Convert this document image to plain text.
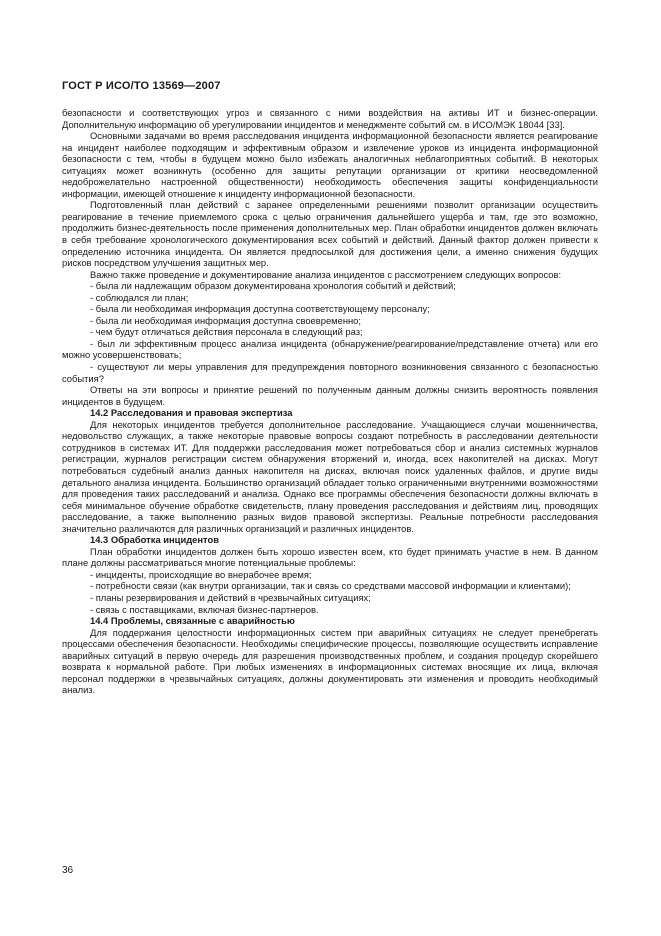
ГОСТ Р ИСО/ТО 13569—2007

безопасности и соответствующих угроз и связанного с ними воздействия на активы ИТ и бизнес-операции. Дополнительную информацию об урегулировании инцидентов и менеджменте событий см. в ИСО/МЭК 18044 [33].

Основными задачами во время расследования инцидента информационной безопасности является реагирование на инцидент наиболее подходящим и эффективным образом и извлечение уроков из инцидента информационной безопасности с тем, чтобы в будущем можно было избежать аналогичных неблагоприятных событий. В некоторых ситуациях может возникнуть (особенно для защиты репутации организации от критики неосведомленной недоброжелательно настроенной общественности) необходимость обеспечения защиты конфиденциальности информации, имеющей отношение к инциденту информационной безопасности.

Подготовленный план действий с заранее определенными решениями позволит организации осуществить реагирование в течение приемлемого срока с целью ограничения дальнейшего ущерба и там, где это возможно, продолжить бизнес-деятельность после применения дополнительных мер. План обработки инцидентов должен включать в себя требование хронологического документирования всех событий и действий. Данный фактор должен привести к определению источника инцидента. Он является предпосылкой для достижения цели, а именно снижения будущих рисков посредством улучшения защитных мер.

Важно также проведение и документирование анализа инцидентов с рассмотрением следующих вопросов:

- была ли надлежащим образом документирована хронология событий и действий;

- соблюдался ли план;

- была ли необходимая информация доступна соответствующему персоналу;

- была ли необходимая информация доступна своевременно;

- чем будут отличаться действия персонала в следующий раз;

- был ли эффективным процесс анализа инцидента (обнаружение/реагирование/представление отчета) или его можно усовершенствовать;

- существуют ли меры управления для предупреждения повторного возникновения связанного с безопасностью события?

Ответы на эти вопросы и принятие решений по полученным данным должны снизить вероятность появления инцидентов в будущем.

14.2 Расследования и правовая экспертиза

Для некоторых инцидентов требуется дополнительное расследование. Учащающиеся случаи мошенничества, недовольство служащих, а также некоторые правовые вопросы создают потребность в расследовании деятельности сотрудников в системах ИТ. Для поддержки расследования может потребоваться сбор и анализ системных журналов регистрации, журналов регистрации систем обнаружения вторжений и, иногда, всех накопителей на дисках. Могут потребоваться судебный анализ данных накопителя на дисках, включая поиск удаленных файлов, и другие виды детального анализа инцидента. Большинство организаций обладает только ограниченными внутренними возможностями для проведения таких расследований и анализа. Однако все программы обеспечения безопасности должны включать в себя минимальное обучение обработке свидетельств, плану проведения расследования и действиям лиц, проводящих расследование, а также выполнению разных видов правовой экспертизы. Реальные потребности расследования значительно различаются для различных организаций и различных инцидентов.

14.3 Обработка инцидентов

План обработки инцидентов должен быть хорошо известен всем, кто будет принимать участие в нем. В данном плане должны рассматриваться многие потенциальные проблемы:

- инциденты, происходящие во внерабочее время;

- потребности связи (как внутри организации, так и связь со средствами массовой информации и клиентами);

- планы резервирования и действий в чрезвычайных ситуациях;

- связь с поставщиками, включая бизнес-партнеров.

14.4 Проблемы, связанные с аварийностью

Для поддержания целостности информационных систем при аварийных ситуациях не следует пренебрегать процессами обеспечения безопасности. Необходимы специфические процессы, позволяющие осуществить исправление аварийных ситуаций в первую очередь для разрешения производственных проблем, и создания процедур скорейшего возврата к нормальной работе. При любых изменениях в информационных системах вносящие их лица, включая персонал поддержки в чрезвычайных ситуациях, должны документировать эти изменения и проводить необходимый анализ.

36
